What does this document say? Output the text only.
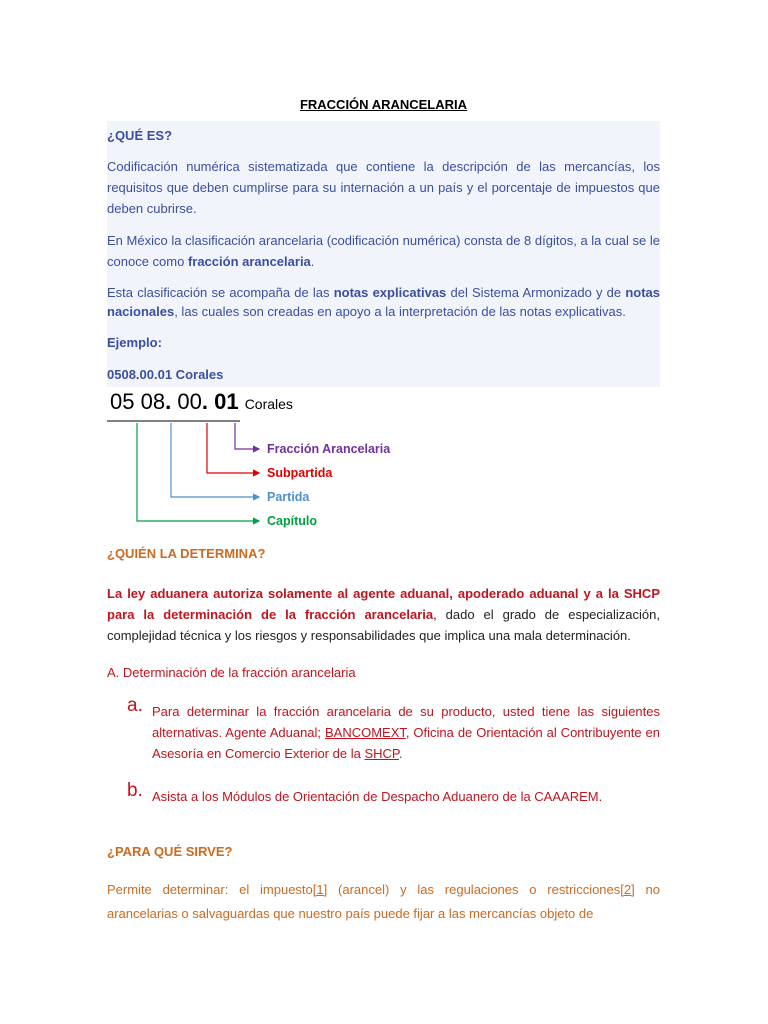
FRACCIÓN ARANCELARIA

¿QUÉ ES?

Codificación numérica sistematizada que contiene la descripción de las mercancías, los requisitos que deben cumplirse para su internación a un país y el porcentaje de impuestos que deben cubrirse.

En México la clasificación arancelaria (codificación numérica) consta de 8 dígitos, a la cual se le conoce como fracción arancelaria.

Esta clasificación se acompaña de las notas explicativas del Sistema Armonizado y de notas nacionales, las cuales son creadas en apoyo a la interpretación de las notas explicativas.

Ejemplo:

0508.00.01 Corales

05 08. 00. 01 Corales
Fracción Arancelaria
Subpartida
Partida
Capítulo

¿QUIÉN LA DETERMINA?

La ley aduanera autoriza solamente al agente aduanal, apoderado aduanal y a la SHCP para la determinación de la fracción arancelaria, dado el grado de especialización, complejidad técnica y los riesgos y responsabilidades que implica una mala determinación.

A. Determinación de la fracción arancelaria

a. Para determinar la fracción arancelaria de su producto, usted tiene las siguientes alternativas. Agente Aduanal; BANCOMEXT, Oficina de Orientación al Contribuyente en Asesoría en Comercio Exterior de la SHCP.
b. Asista a los Módulos de Orientación de Despacho Aduanero de la CAAAREM.

¿PARA QUÉ SIRVE?

Permite determinar: el impuesto[1] (arancel) y las regulaciones o restricciones[2] no arancelarias o salvaguardas que nuestro país puede fijar a las mercancías objeto de
